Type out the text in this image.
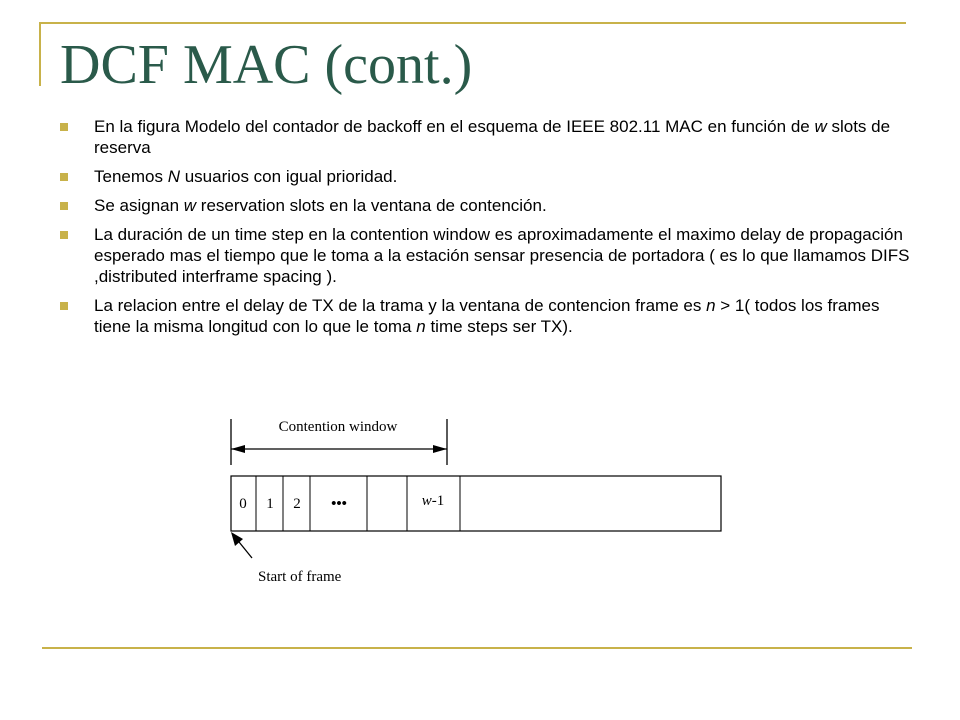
DCF MAC (cont.)
En la figura Modelo del contador de backoff en el esquema de IEEE 802.11 MAC en función de w slots de reserva
Tenemos N usuarios con igual prioridad.
Se asignan w reservation slots en la ventana de contención.
La duración de un time step en la contention window es aproximadamente el maximo delay de propagación esperado mas el tiempo que le toma a la estación sensar presencia de portadora ( es lo que llamamos DIFS ,distributed interframe spacing ).
La relacion entre el delay de TX de la trama y la ventana de contencion frame es n > 1( todos los frames tiene la misma longitud con lo que le toma n time steps ser TX).
Contention window
0 1 2 •••	w-1
Start of frame
